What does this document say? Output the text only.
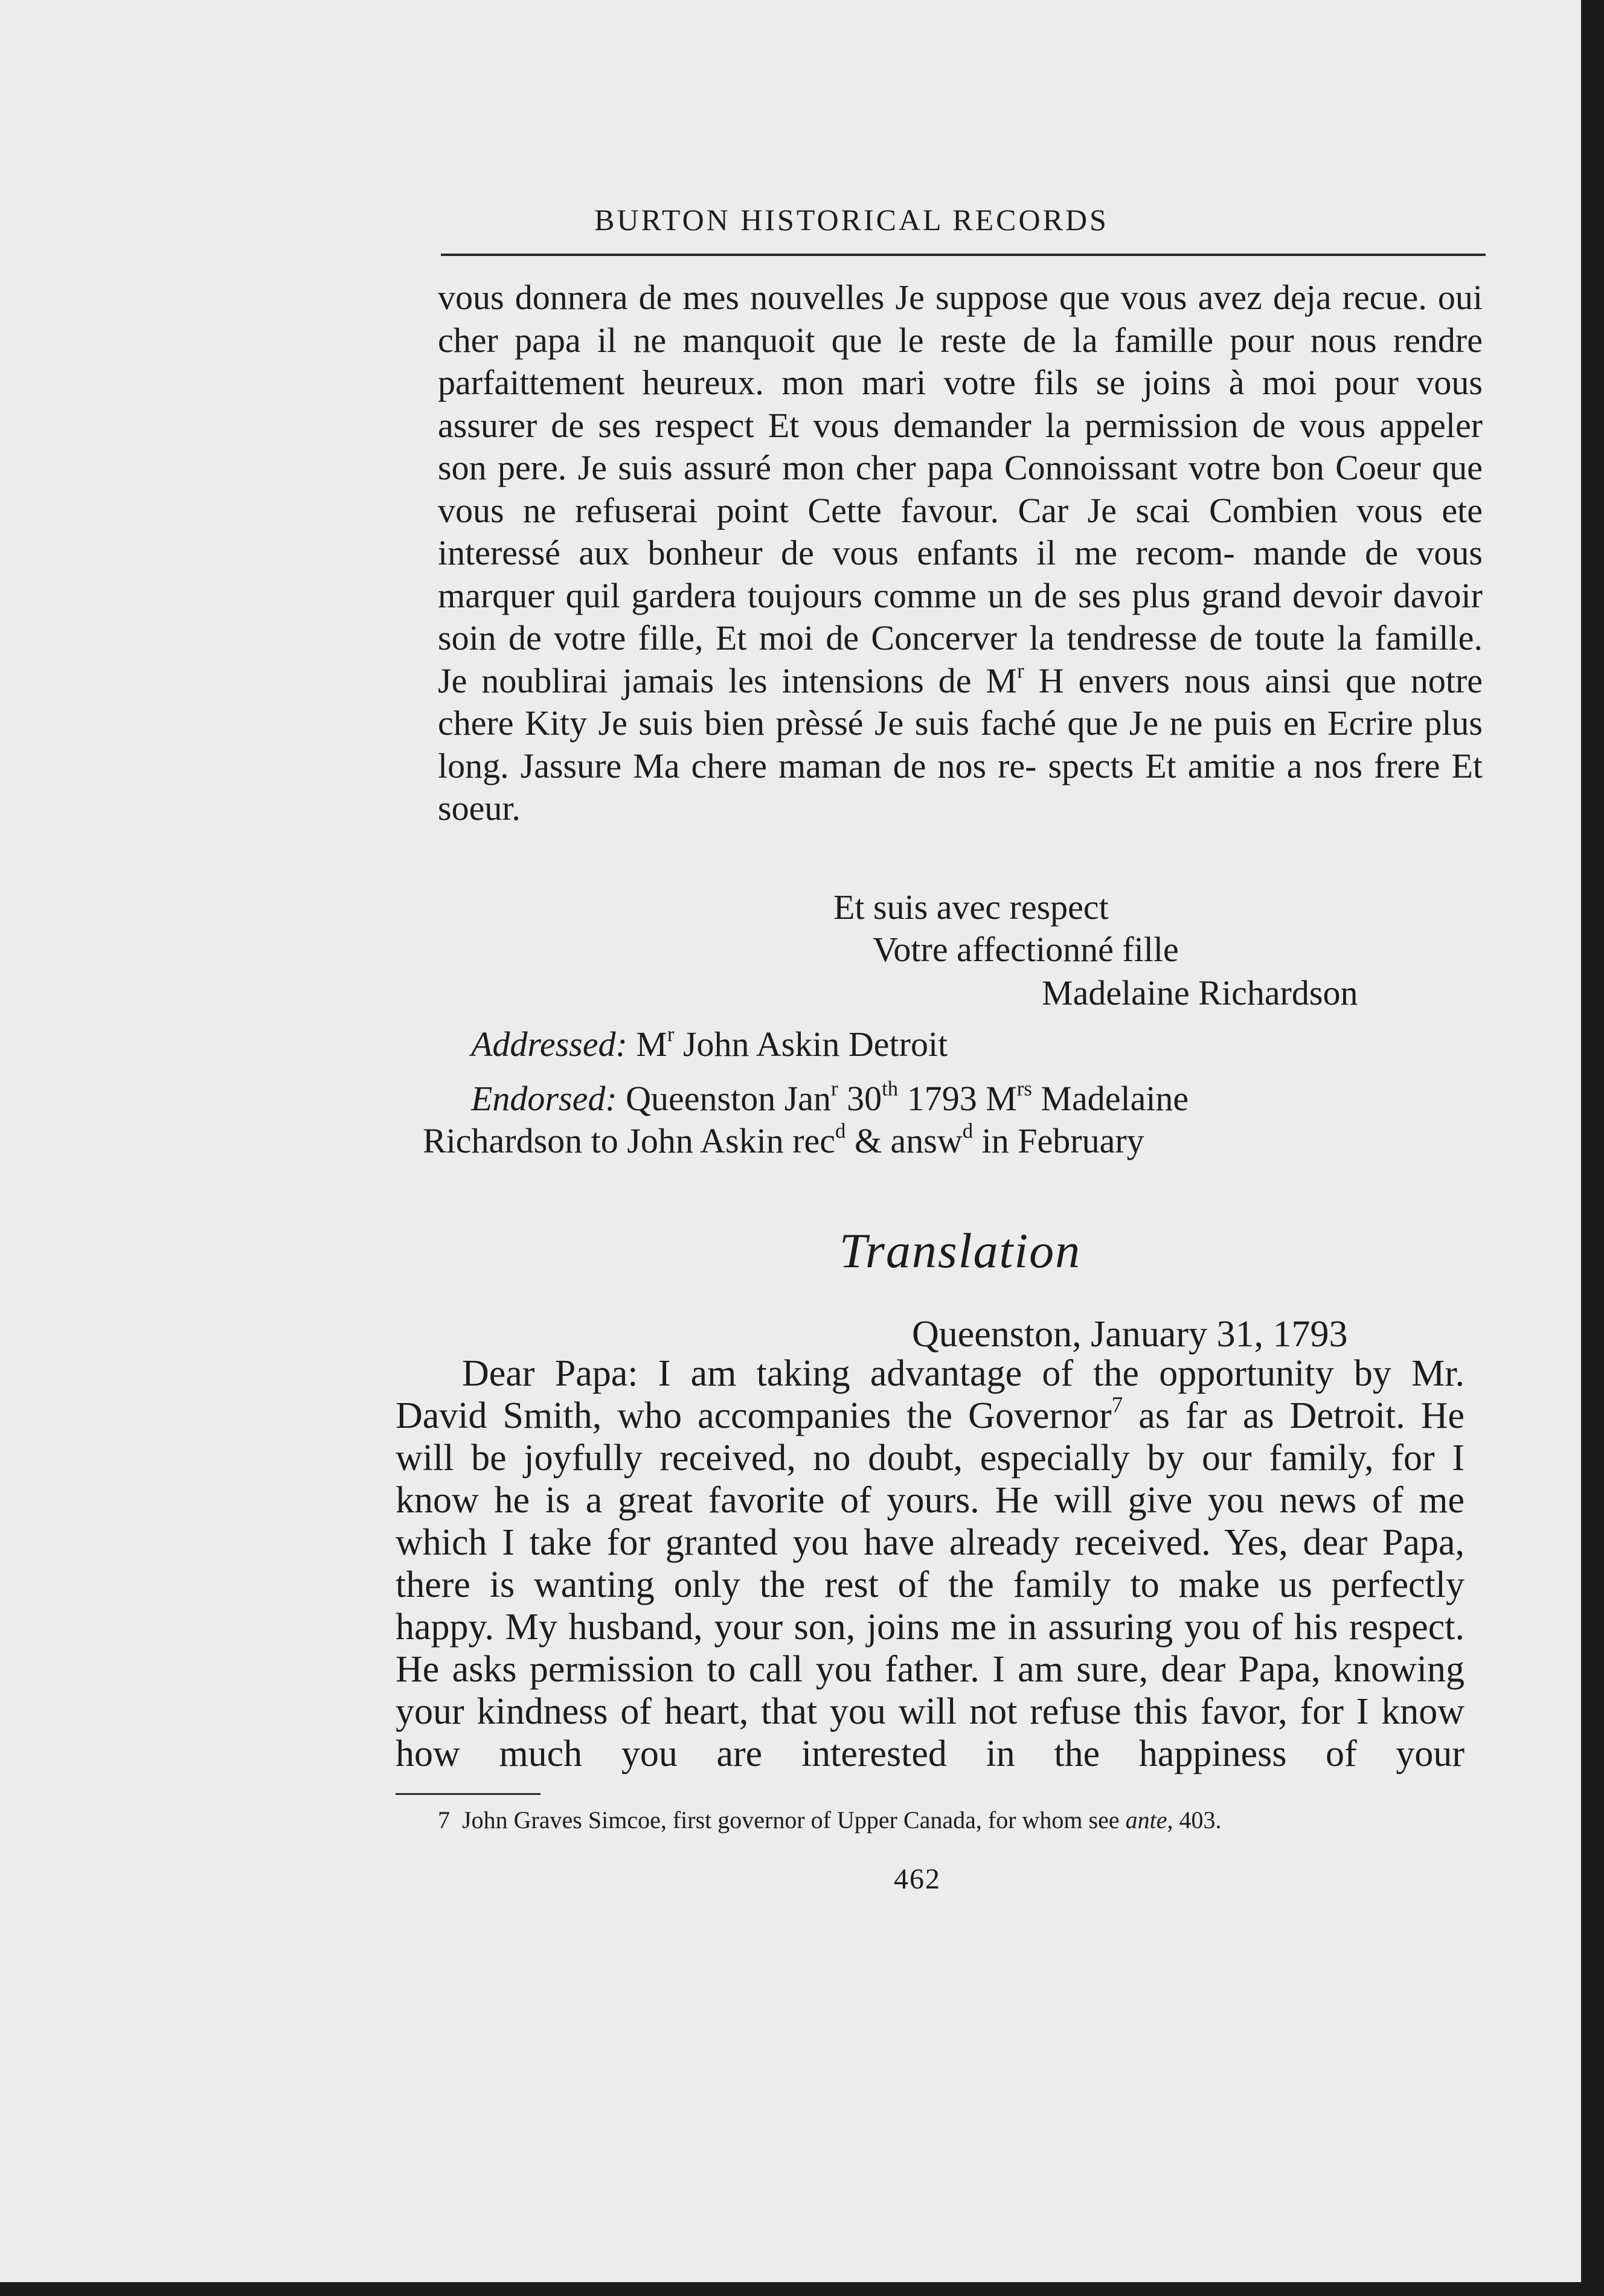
BURTON HISTORICAL RECORDS

vous donnera de mes nouvelles Je suppose que vous avez deja recue. oui cher papa il ne manquoit que le reste de la famille pour nous rendre parfaittement heureux. mon mari votre fils se joins à moi pour vous assurer de ses respect Et vous demander la permission de vous appeler son pere. Je suis assuré mon cher papa Connoissant votre bon Coeur que vous ne refuserai point Cette favour. Car Je scai Combien vous ete interessé aux bonheur de vous enfants il me recom- mande de vous marquer quil gardera toujours comme un de ses plus grand devoir davoir soin de votre fille, Et moi de Concerver la tendresse de toute la famille. Je noublirai jamais les intensions de $M^r$ H envers nous ainsi que notre chere Kity Je suis bien prèssé Je suis faché que Je ne puis en Ecrire plus long. Jassure Ma chere maman de nos re- spects Et amitie a nos frere Et soeur.

Et suis avec respect
Votre affectionné fille
Madelaine Richardson
Addressed: $M^r$ John Askin Detroit
Endorsed: Queenston Jan$^r$ 30th 1793 $M^{rs}$ Madelaine
Richardson to John Askin rec$^d$ & answ$^d$ in February
Translation
Queenston, January 31, 1793

Dear Papa: I am taking advantage of the opportunity by Mr. David Smith, who accompanies the Governor$^7$ as far as Detroit. He will be joyfully received, no doubt, especially by our family, for I know he is a great favorite of yours. He will give you news of me which I take for granted you have already received. Yes, dear Papa, there is wanting only the rest of the family to make us perfectly happy. My husband, your son, joins me in assuring you of his respect. He asks permission to call you father. I am sure, dear Papa, knowing your kindness of heart, that you will not refuse this favor, for I know how much you are interested in the happiness of your

7 John Graves Simcoe, first governor of Upper Canada, for whom see ante, 403.
462
